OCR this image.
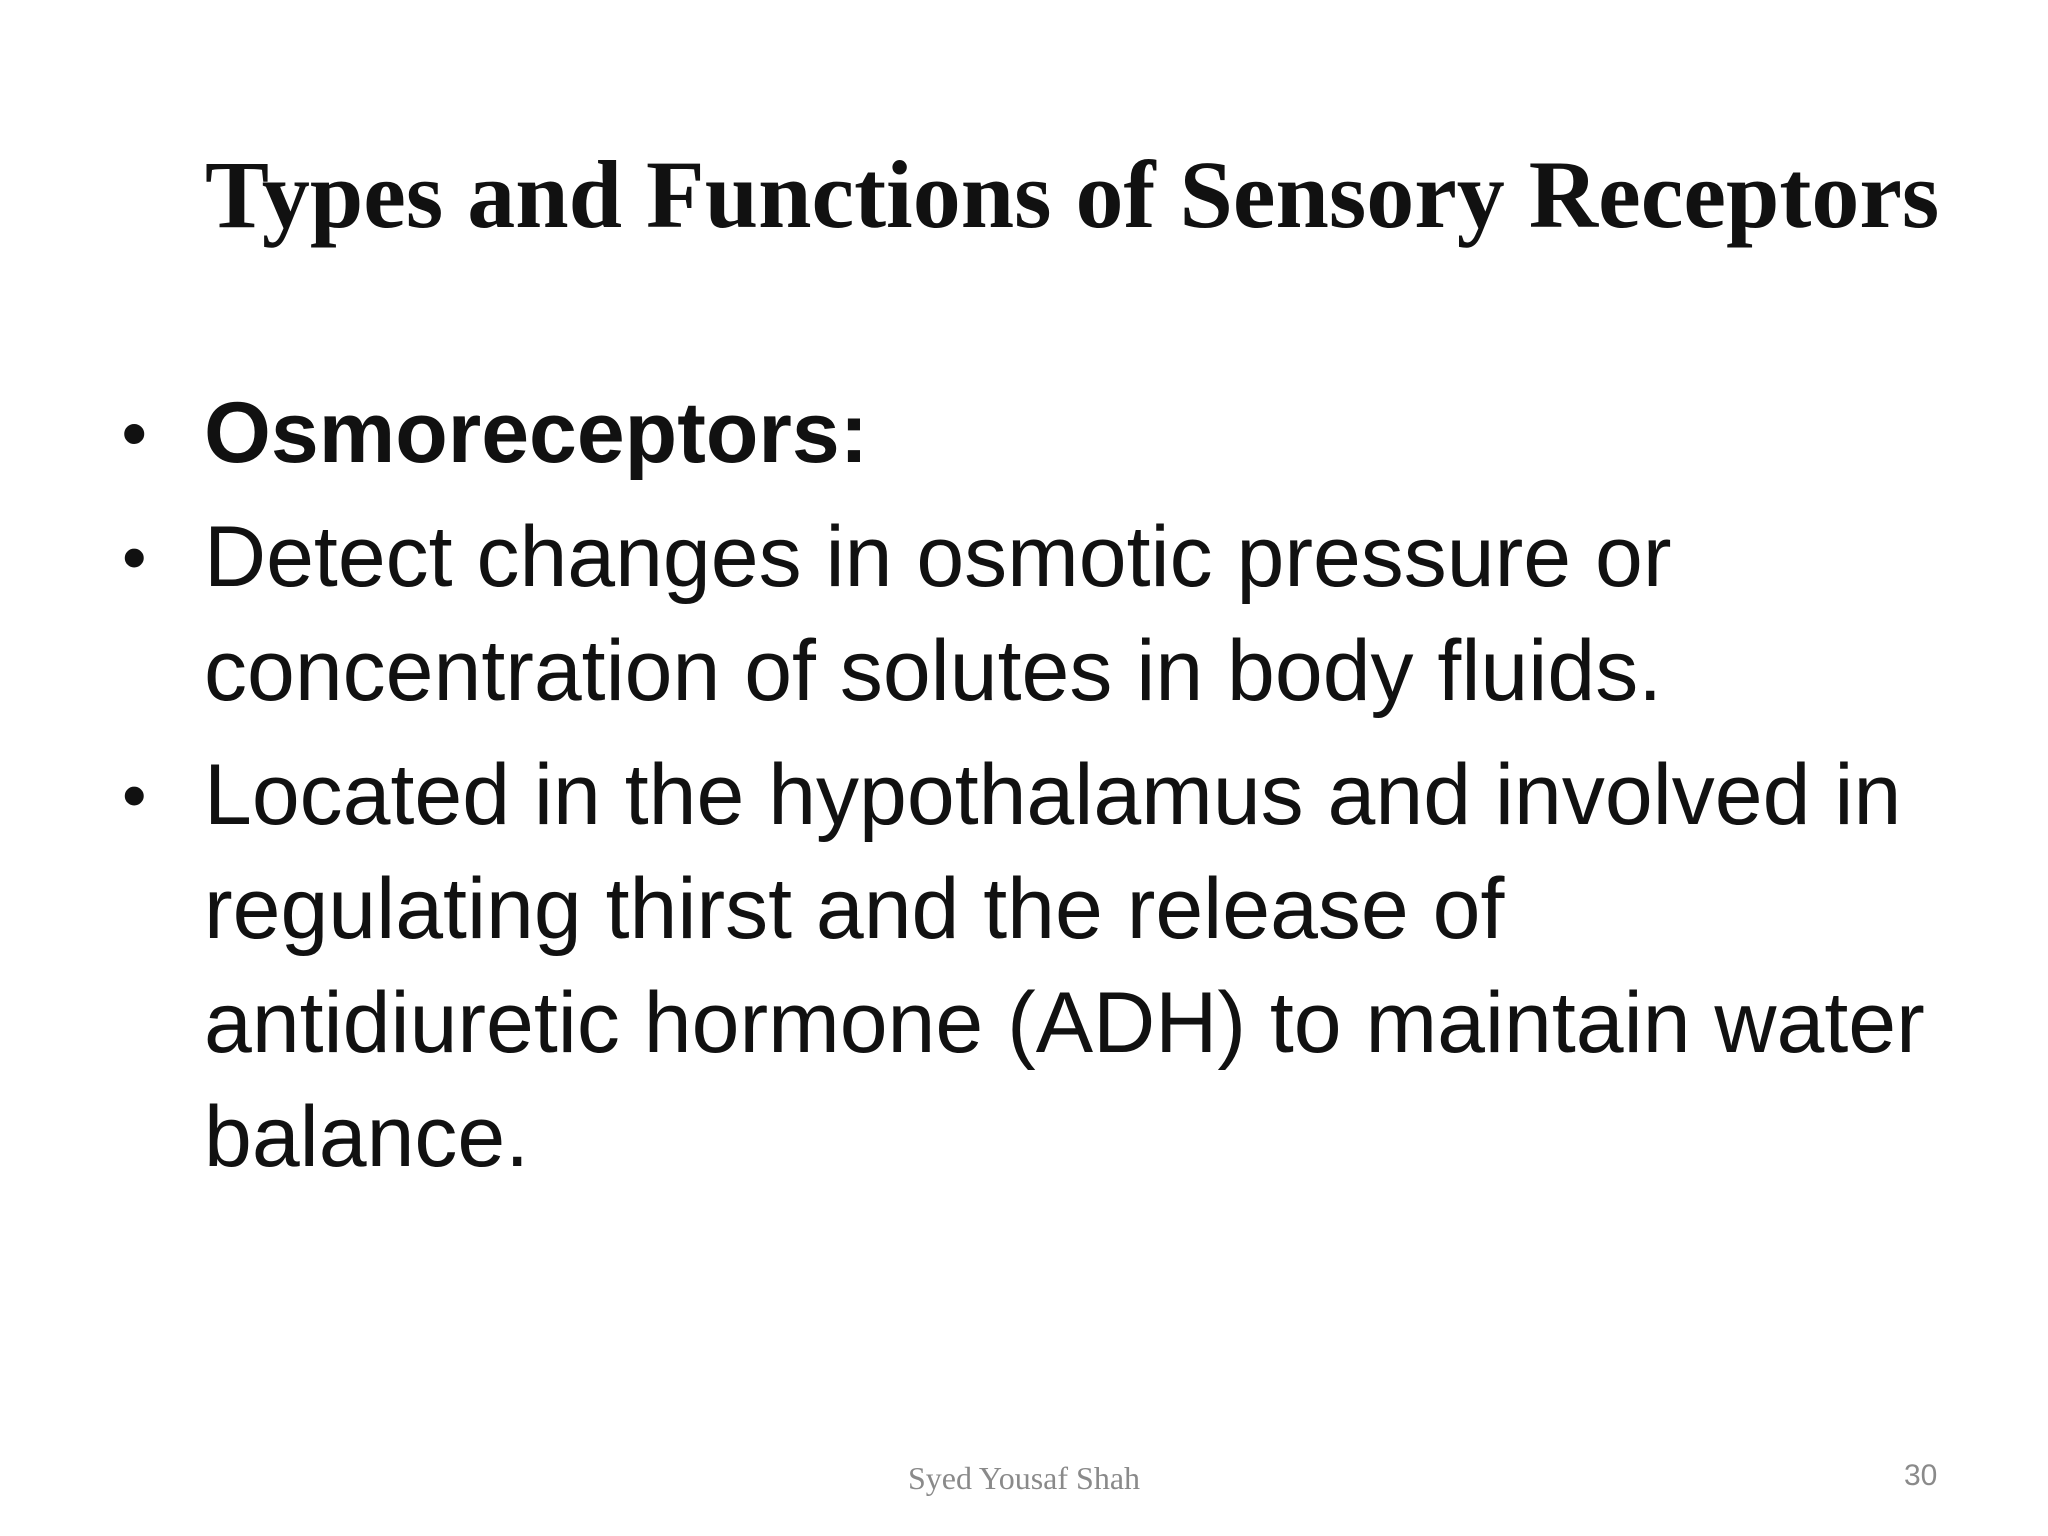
Types and Functions of Sensory Receptors
• Osmoreceptors:
• Detect changes in osmotic pressure or concentration of solutes in body fluids.
• Located in the hypothalamus and involved in regulating thirst and the release of antidiuretic hormone (ADH) to maintain water balance.
Syed Yousaf Shah	30
